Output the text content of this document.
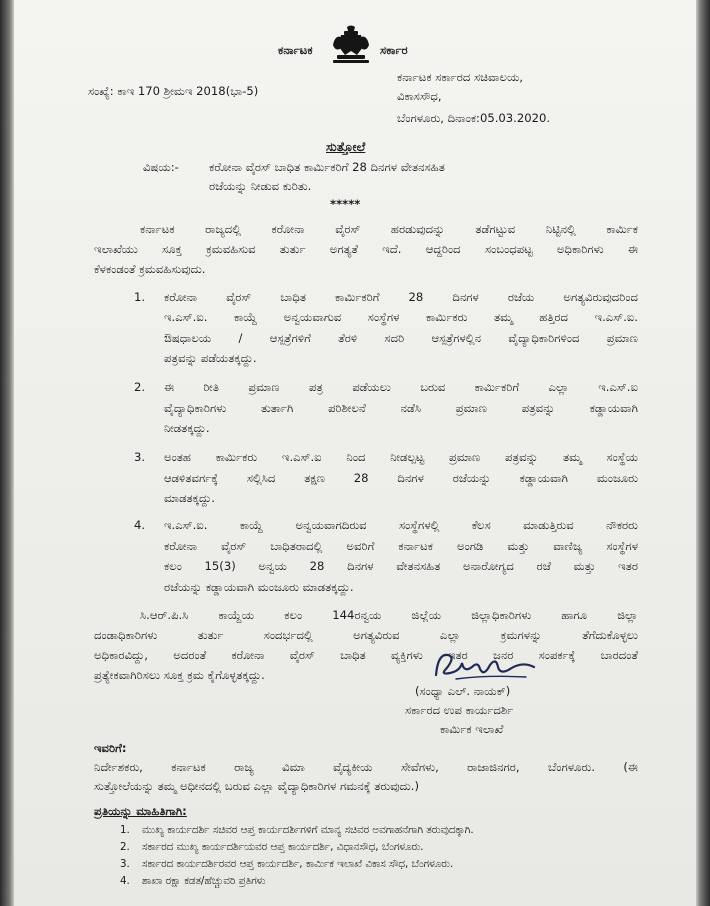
ಕರ್ನಾಟಕ	ಸರ್ಕಾರ
ಸಂಖ್ಯೆ: ಕಾಇ 170 ಶ್ರೀಮಇ 2018(ಭಾ-5)
ಕರ್ನಾಟಕ ಸರ್ಕಾರದ ಸಚಿವಾಲಯ,
ವಿಕಾಸಸೌಧ,
ಬೆಂಗಳೂರು, ದಿನಾಂಕ:05.03.2020.
ಸುತ್ತೋಲೆ
ವಿಷಯ:-	ಕರೋನಾ ವೈರಸ್ ಬಾಧಿತ ಕಾರ್ಮಿಕರಿಗೆ 28 ದಿನಗಳ ವೇತನಸಹಿತ
ರಜೆಯನ್ನು ನೀಡುವ ಕುರಿತು.
*****
ಕರ್ನಾಟಕ ರಾಜ್ಯದಲ್ಲಿ ಕರೋನಾ ವೈರಸ್ ಹರಡುವುದನ್ನು ತಡೆಗಟ್ಟುವ ನಿಟ್ಟಿನಲ್ಲಿ ಕಾರ್ಮಿಕ
ಇಲಾಖೆಯು ಸೂಕ್ತ ಕ್ರಮವಹಿಸುವ ತುರ್ತು ಅಗತ್ಯತೆ ಇದೆ. ಆದ್ದರಿಂದ ಸಂಬಂಧಪಟ್ಟ ಅಧಿಕಾರಿಗಳು ಈ
ಕೆಳಕಂಡಂತೆ ಕ್ರಮವಹಿಸುವುದು.
1. ಕರೋನಾ ವೈರಸ್ ಬಾಧಿತ ಕಾರ್ಮಿಕರಿಗೆ 28 ದಿನಗಳ ರಜೆಯ ಅಗತ್ಯವಿರುವುದರಿಂದ
ಇ.ಎಸ್.ಐ. ಕಾಯ್ದೆ ಅನ್ವಯವಾಗುವ ಸಂಸ್ಥೆಗಳ ಕಾರ್ಮಿಕರು ತಮ್ಮ ಹತ್ತಿರದ ಇ.ಎಸ್.ಐ.
ಔಷಧಾಲಯ / ಆಸ್ಪತ್ರೆಗಳಿಗೆ ತೆರಳಿ ಸದರಿ ಆಸ್ಪತ್ರೆಗಳಲ್ಲಿನ ವೈದ್ಯಾಧಿಕಾರಿಗಳಿಂದ ಪ್ರಮಾಣ
ಪತ್ರವನ್ನು ಪಡೆಯತಕ್ಕದ್ದು.
2. ಈ ರೀತಿ ಪ್ರಮಾಣ ಪತ್ರ ಪಡೆಯಲು ಬರುವ ಕಾರ್ಮಿಕರಿಗೆ ಎಲ್ಲಾ ಇ.ಎಸ್.ಐ
ವೈದ್ಯಾಧಿಕಾರಿಗಳು ತುರ್ತಾಗಿ ಪರಿಶೀಲನೆ ನಡೆಸಿ ಪ್ರಮಾಣ ಪತ್ರವನ್ನು ಕಡ್ಡಾಯವಾಗಿ
ನೀಡತಕ್ಕದ್ದು.
3. ಅಂತಹ ಕಾರ್ಮಿಕರು ಇ.ಎಸ್.ಐ ನಿಂದ ನೀಡಲ್ಪಟ್ಟ ಪ್ರಮಾಣ ಪತ್ರವನ್ನು ತಮ್ಮ ಸಂಸ್ಥೆಯ
ಆಡಳಿತವರ್ಗಕ್ಕೆ ಸಲ್ಲಿಸಿದ ತಕ್ಷಣ 28 ದಿನಗಳ ರಜೆಯನ್ನು ಕಡ್ಡಾಯವಾಗಿ ಮಂಜೂರು
ಮಾಡತಕ್ಕದ್ದು.
4. ಇ.ಎಸ್.ಐ. ಕಾಯ್ದೆ ಅನ್ವಯವಾಗದಿರುವ ಸಂಸ್ಥೆಗಳಲ್ಲಿ ಕೆಲಸ ಮಾಡುತ್ತಿರುವ ನೌಕರರು
ಕರೋನಾ ವೈರಸ್ ಬಾಧಿತರಾದಲ್ಲಿ ಅವರಿಗೆ ಕರ್ನಾಟಕ ಅಂಗಡಿ ಮತ್ತು ವಾಣಿಜ್ಯ ಸಂಸ್ಥೆಗಳ
ಕಲಂ 15(3) ಅನ್ವಯ 28 ದಿನಗಳ ವೇತನಸಹಿತ ಅನಾರೋಗ್ಯದ ರಜೆ ಮತ್ತು ಇತರ
ರಜೆಯನ್ನು ಕಡ್ಡಾಯವಾಗಿ ಮಂಜೂರು ಮಾಡತಕ್ಕದ್ದು.
ಸಿ.ಆರ್.ಪಿ.ಸಿ ಕಾಯ್ದೆಯ ಕಲಂ 144ರನ್ವಯ ಜಿಲ್ಲೆಯ ಜಿಲ್ಲಾಧಿಕಾರಿಗಳು ಹಾಗೂ ಜಿಲ್ಲಾ
ದಂಡಾಧಿಕಾರಿಗಳು ತುರ್ತು ಸಂದರ್ಭದಲ್ಲಿ ಅಗತ್ಯವಿರುವ ಎಲ್ಲಾ ಕ್ರಮಗಳನ್ನು ತೆಗೆದುಕೊಳ್ಳಲು
ಅಧಿಕಾರವಿದ್ದು, ಅದರಂತೆ ಕರೋನಾ ವೈರಸ್ ಬಾಧಿತ ವ್ಯಕ್ತಿಗಳು ಇತರ ಜನರ ಸಂಪರ್ಕಕ್ಕೆ ಬಾರದಂತೆ
ಪ್ರತ್ಯೇಕವಾಗಿರಿಸಲು ಸೂಕ್ತ ಕ್ರಮ ಕೈಗೊಳ್ಳತಕ್ಕದ್ದು.
(ಸಂಧ್ಯಾ ಎಲ್. ನಾಯಕ್)
ಸರ್ಕಾರದ ಉಪ ಕಾರ್ಯದರ್ಶಿ
ಕಾರ್ಮಿಕ ಇಲಾಖೆ
ಇವರಿಗೆ:
ನಿರ್ದೇಶಕರು, ಕರ್ನಾಟಕ ರಾಜ್ಯ ವಿಮಾ ವೈದ್ಯಕೀಯ ಸೇವೆಗಳು, ರಾಜಾಜಿನಗರ, ಬೆಂಗಳೂರು. (ಈ
ಸುತ್ತೋಲೆಯನ್ನು ತಮ್ಮ ಅಧೀನದಲ್ಲಿ ಬರುವ ಎಲ್ಲಾ ವೈದ್ಯಾಧಿಕಾರಿಗಳ ಗಮನಕ್ಕೆ ತರುವುದು.)
ಪ್ರತಿಯನ್ನು ಮಾಹಿತಿಗಾಗಿ:
1. ಮುಖ್ಯ ಕಾರ್ಯದರ್ಶಿ ಸಚಿವರ ಆಪ್ತ ಕಾರ್ಯದರ್ಶಿಗಳಿಗೆ ಮಾನ್ಯ ಸಚಿವರ ಅವಗಾಹನೆಗಾಗಿ ತರುವುದಕ್ಕಾಗಿ.
2. ಸರ್ಕಾರದ ಮುಖ್ಯ ಕಾರ್ಯದರ್ಶಿಯವರ ಆಪ್ತ ಕಾರ್ಯದರ್ಶಿ, ವಿಧಾನಸೌಧ, ಬೆಂಗಳೂರು.
3. ಸರ್ಕಾರದ ಕಾರ್ಯದರ್ಶಿರವರ ಆಪ್ತ ಕಾರ್ಯದರ್ಶಿ, ಕಾರ್ಮಿಕ ಇಲಾಖೆ ವಿಕಾಸ ಸೌಧ, ಬೆಂಗಳೂರು.
4. ಶಾಖಾ ರಕ್ಷಾ ಕಡತ/ಹೆಚ್ಚುವರಿ ಪ್ರತಿಗಳು
